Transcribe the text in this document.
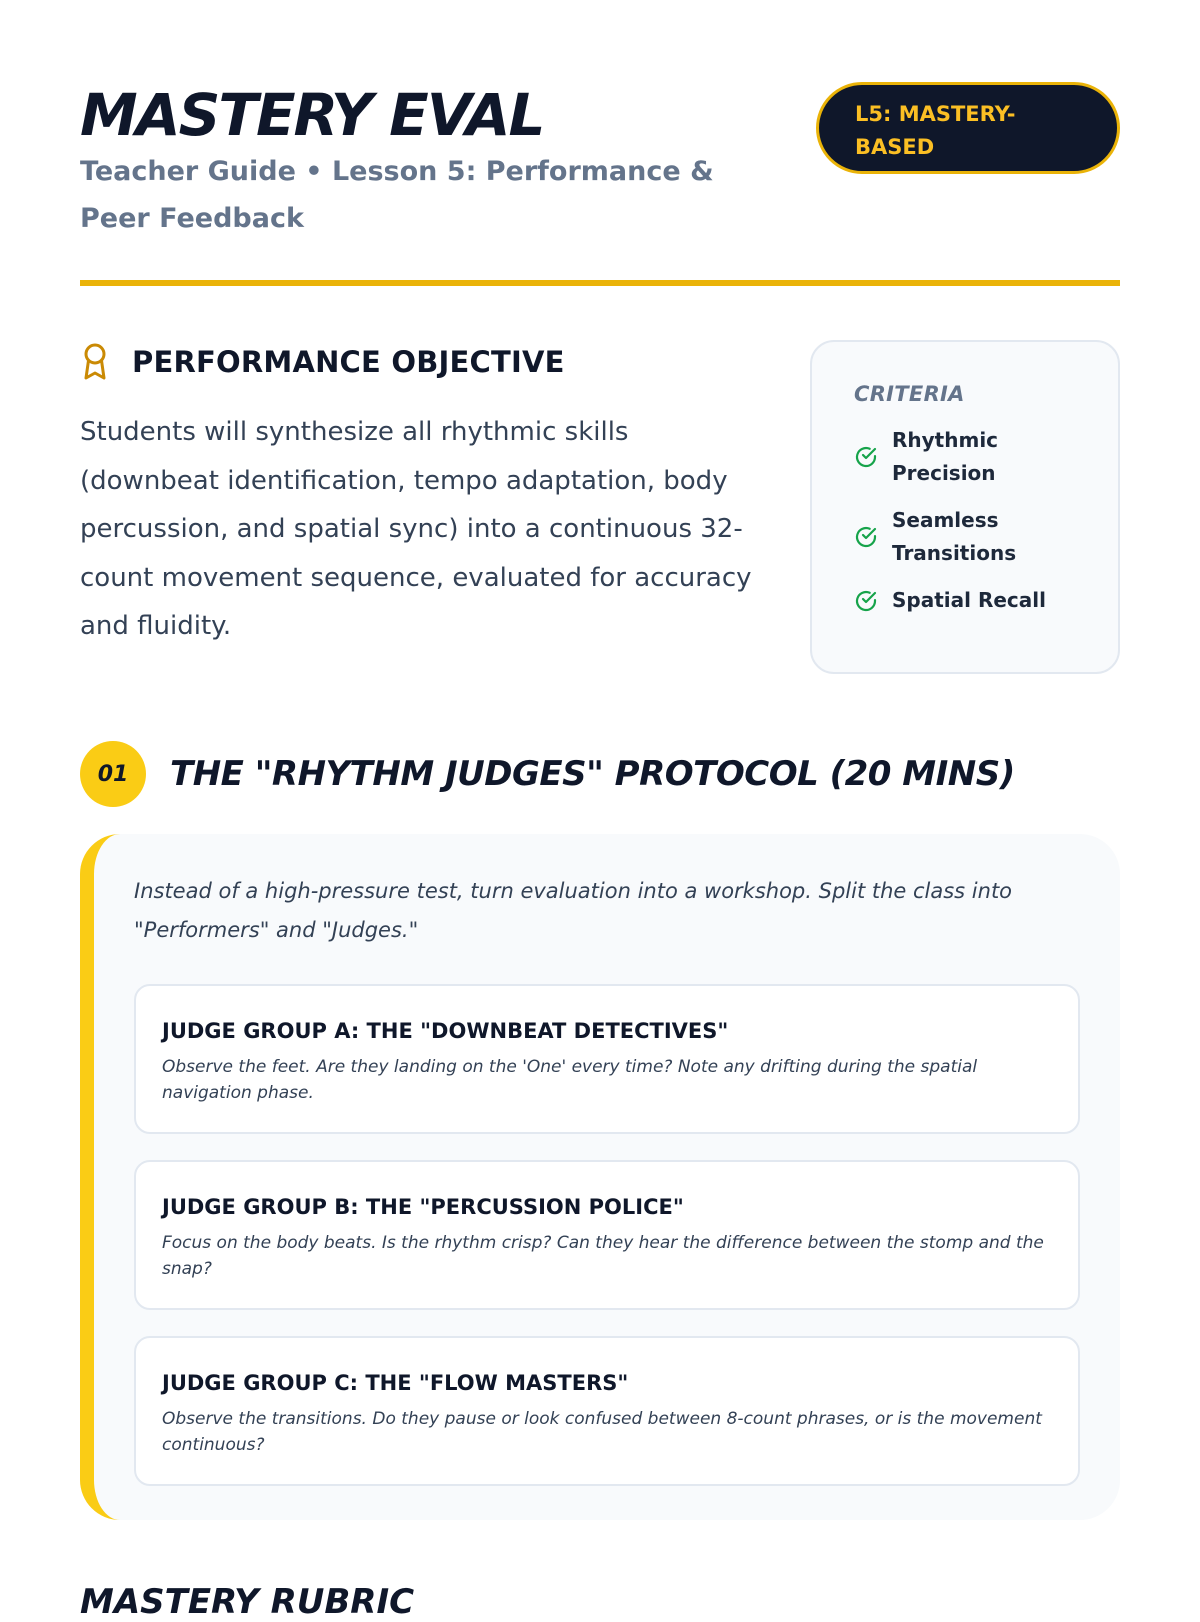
MASTERY EVAL

Teacher Guide • Lesson 5: Performance & Peer Feedback

L5: MASTERY-BASED
PERFORMANCE OBJECTIVE

Students will synthesize all rhythmic skills (downbeat identification, tempo adaptation, body percussion, and spatial sync) into a continuous 32-count movement sequence, evaluated for accuracy and fluidity.

CRITERIA
Rhythmic Precision
Seamless Transitions
Spatial Recall
01	THE "RHYTHM JUDGES" PROTOCOL (20 MINS)

Instead of a high-pressure test, turn evaluation into a workshop. Split the class into "Performers" and "Judges."

JUDGE GROUP A: THE "DOWNBEAT DETECTIVES"

Observe the feet. Are they landing on the 'One' every time? Note any drifting during the spatial navigation phase.

JUDGE GROUP B: THE "PERCUSSION POLICE"

Focus on the body beats. Is the rhythm crisp? Can they hear the difference between the stomp and the snap?

JUDGE GROUP C: THE "FLOW MASTERS"

Observe the transitions. Do they pause or look confused between 8-count phrases, or is the movement continuous?

MASTERY RUBRIC
